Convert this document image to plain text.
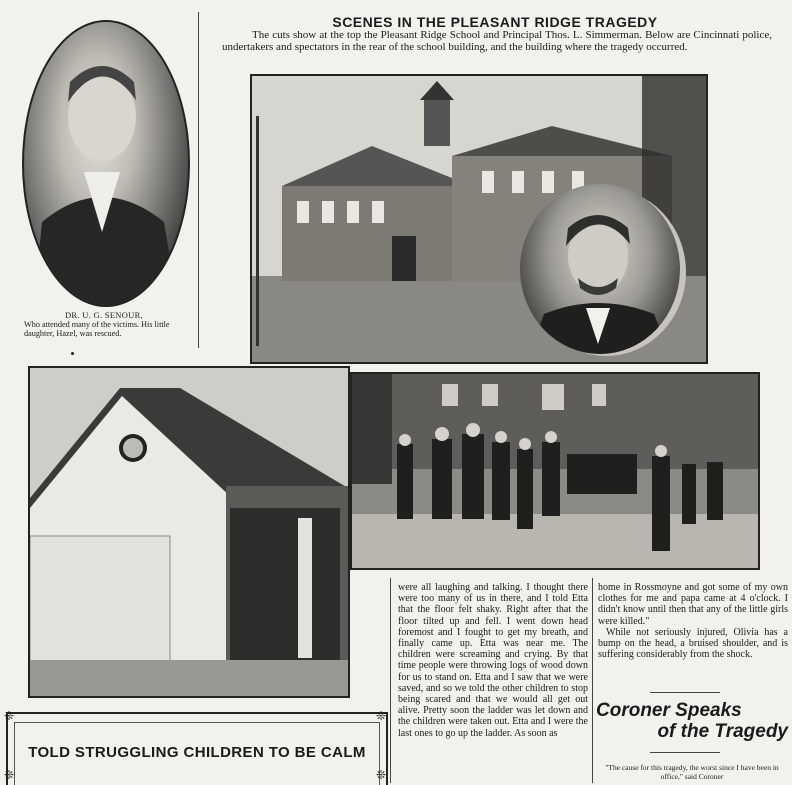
DR. U. G. SENOUR,
Who attended many of the victims. His little daughter, Hazel, was rescued.
SCENES IN THE PLEASANT RIDGE TRAGEDY
The cuts show at the top the Pleasant Ridge School and Principal Thos. L. Simmerman. Below are Cincinnati police, undertakers and spectators in the rear of the school building, and the building where the tragedy occurred.

were all laughing and talking. I thought there were too many of us in there, and I told Etta that the floor felt shaky. Right after that the floor tilted up and fell. I went down head foremost and I fought to get my breath, and finally came up. Etta was near me. The children were screaming and crying. By that time people were throwing logs of wood down for us to stand on. Etta and I saw that we were saved, and so we told the other children to stop being scared and that we would all get out alive. Pretty soon the ladder was let down and the children were taken out. Etta and I were the last ones to go up the ladder. As soon as

home in Rossmoyne and got some of my own clothes for me and papa came at 4 o'clock. I didn't know until then that any of the little girls were killed."

While not seriously injured, Olivia has a bump on the head, a bruised shoulder, and is suffering considerably from the shock.

Coroner Speaks
of the Tragedy
"The cause for this tragedy, the worst since I have been in office," said Coroner
TOLD STRUGGLING CHILDREN TO BE CALM
❊	❊
❊	❊
